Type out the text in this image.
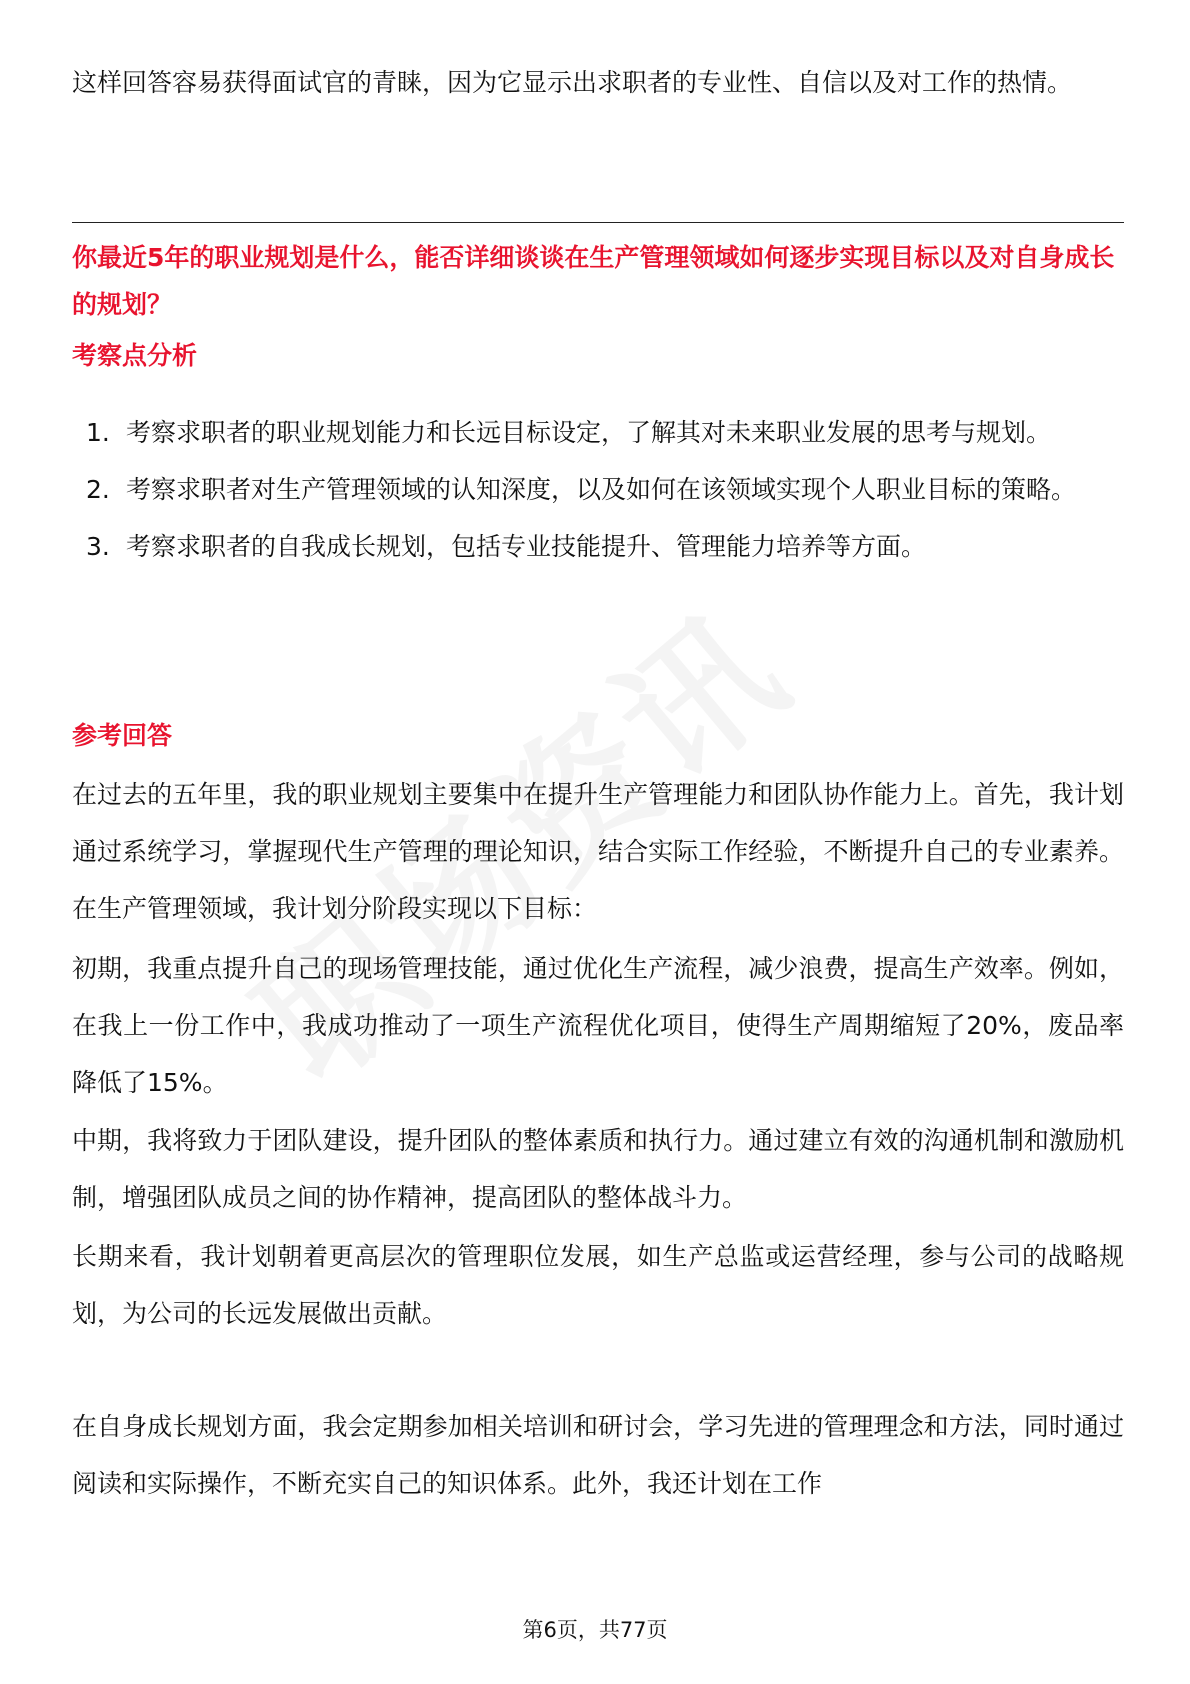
这样回答容易获得面试官的青睐，因为它显示出求职者的专业性、自信以及对工作的热情。

你最近5年的职业规划是什么，能否详细谈谈在生产管理领域如何逐步实现目标以及对自身成长的规划？

考察点分析

1. 考察求职者的职业规划能力和长远目标设定，了解其对未来职业发展的思考与规划。
2. 考察求职者对生产管理领域的认知深度，以及如何在该领域实现个人职业目标的策略。
3. 考察求职者的自我成长规划，包括专业技能提升、管理能力培养等方面。

参考回答

在过去的五年里，我的职业规划主要集中在提升生产管理能力和团队协作能力上。首先，我计划通过系统学习，掌握现代生产管理的理论知识，结合实际工作经验，不断提升自己的专业素养。在生产管理领域，我计划分阶段实现以下目标：

初期，我重点提升自己的现场管理技能，通过优化生产流程，减少浪费，提高生产效率。例如，在我上一份工作中，我成功推动了一项生产流程优化项目，使得生产周期缩短了20%，废品率降低了15%。

中期，我将致力于团队建设，提升团队的整体素质和执行力。通过建立有效的沟通机制和激励机制，增强团队成员之间的协作精神，提高团队的整体战斗力。

长期来看，我计划朝着更高层次的管理职位发展，如生产总监或运营经理，参与公司的战略规划，为公司的长远发展做出贡献。

在自身成长规划方面，我会定期参加相关培训和研讨会，学习先进的管理理念和方法，同时通过阅读和实际操作，不断充实自己的知识体系。此外，我还计划在工作

第6页，共77页
